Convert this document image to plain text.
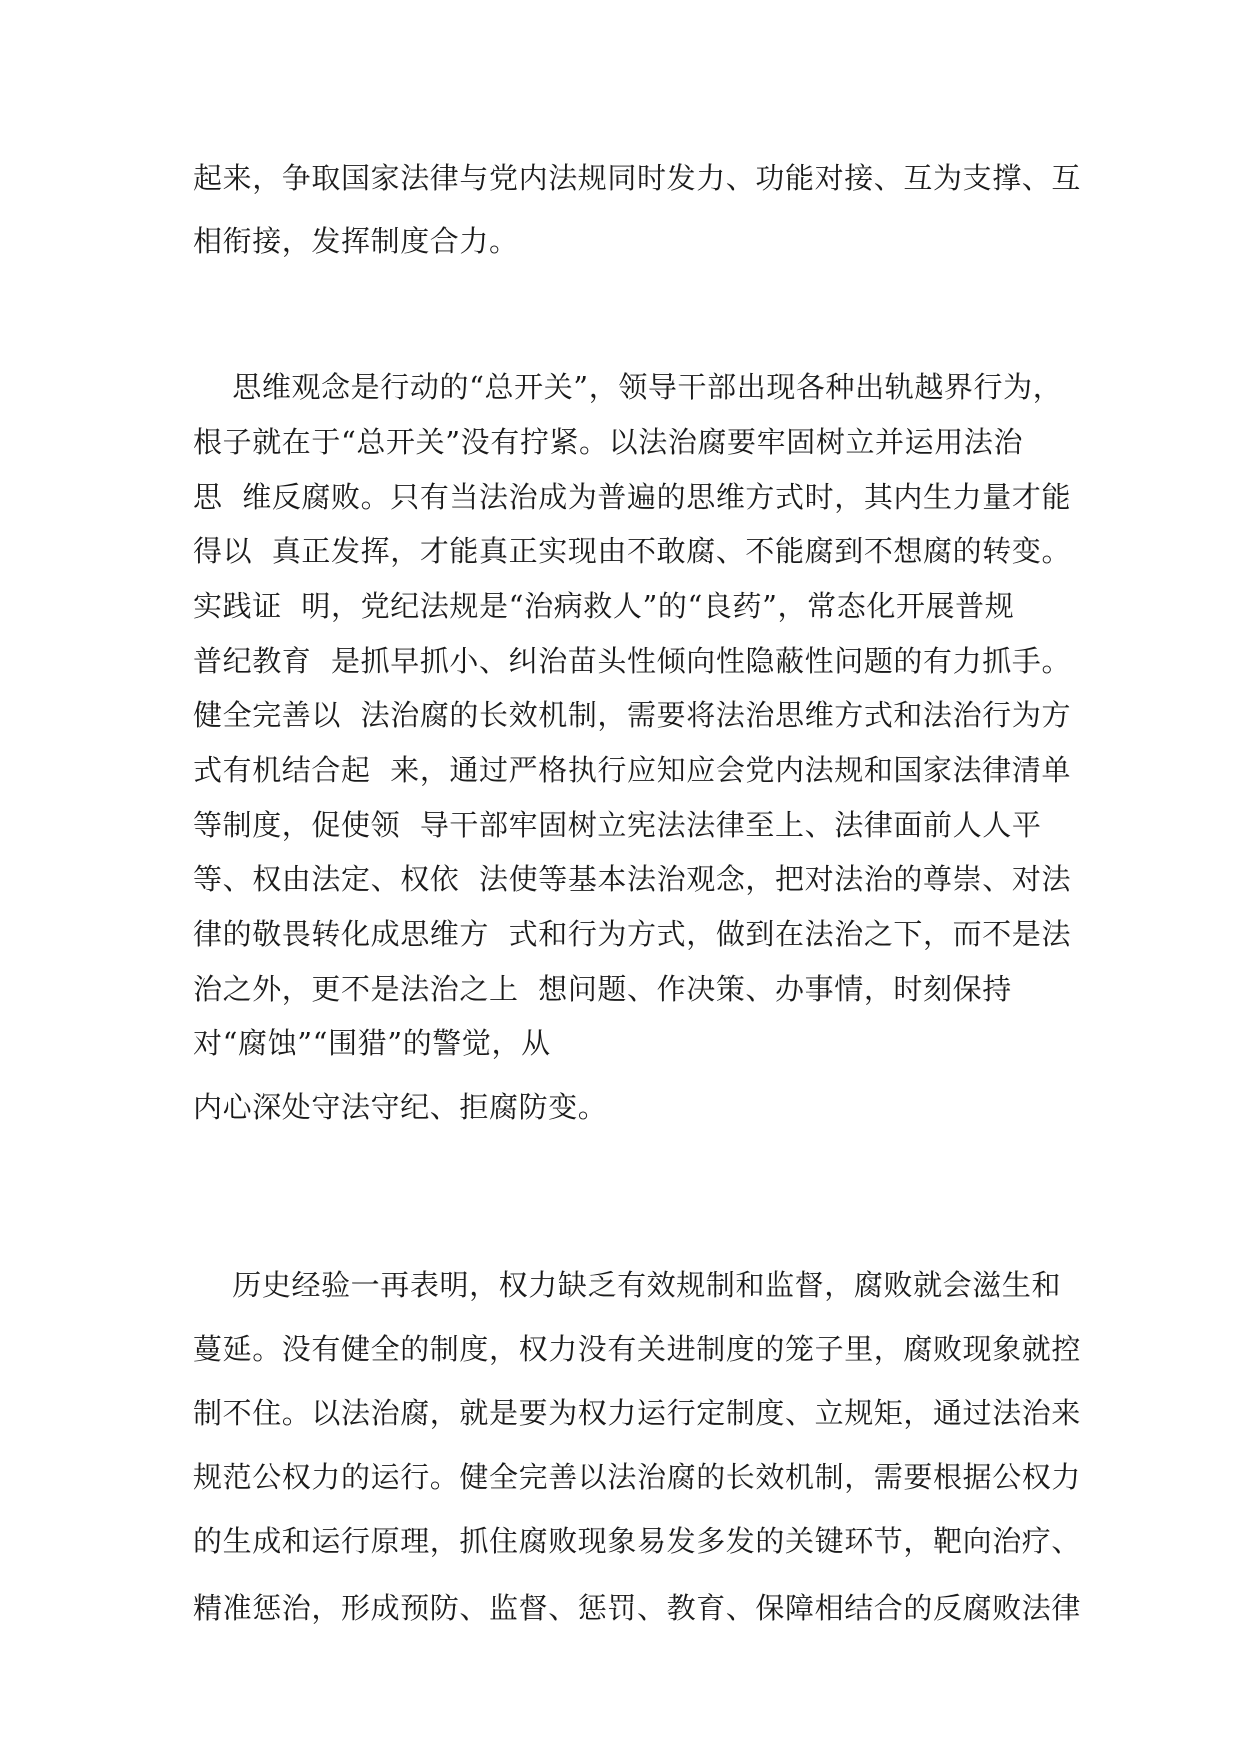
起来，争取国家法律与党内法规同时发力、功能对接、互为支撑、互
相衔接，发挥制度合力。
思维观念是行动的“总开关”，领导干部出现各种出轨越界行为，
根子就在于“总开关”没有拧紧。以法治腐要牢固树立并运用法治
思  维反腐败。只有当法治成为普遍的思维方式时，其内生力量才能
得以  真正发挥，才能真正实现由不敢腐、不能腐到不想腐的转变。
实践证  明，党纪法规是“治病救人”的“良药”，常态化开展普规
普纪教育  是抓早抓小、纠治苗头性倾向性隐蔽性问题的有力抓手。
健全完善以  法治腐的长效机制，需要将法治思维方式和法治行为方
式有机结合起  来，通过严格执行应知应会党内法规和国家法律清单
等制度，促使领  导干部牢固树立宪法法律至上、法律面前人人平
等、权由法定、权依  法使等基本法治观念，把对法治的尊崇、对法
律的敬畏转化成思维方  式和行为方式，做到在法治之下，而不是法
治之外，更不是法治之上  想问题、作决策、办事情，时刻保持
对“腐蚀”“围猎”的警觉，从
内心深处守法守纪、拒腐防变。
历史经验一再表明，权力缺乏有效规制和监督，腐败就会滋生和
蔓延。没有健全的制度，权力没有关进制度的笼子里，腐败现象就控
制不住。以法治腐，就是要为权力运行定制度、立规矩，通过法治来
规范公权力的运行。健全完善以法治腐的长效机制，需要根据公权力
的生成和运行原理，抓住腐败现象易发多发的关键环节，靶向治疗、
精准惩治，形成预防、监督、惩罚、教育、保障相结合的反腐败法律
